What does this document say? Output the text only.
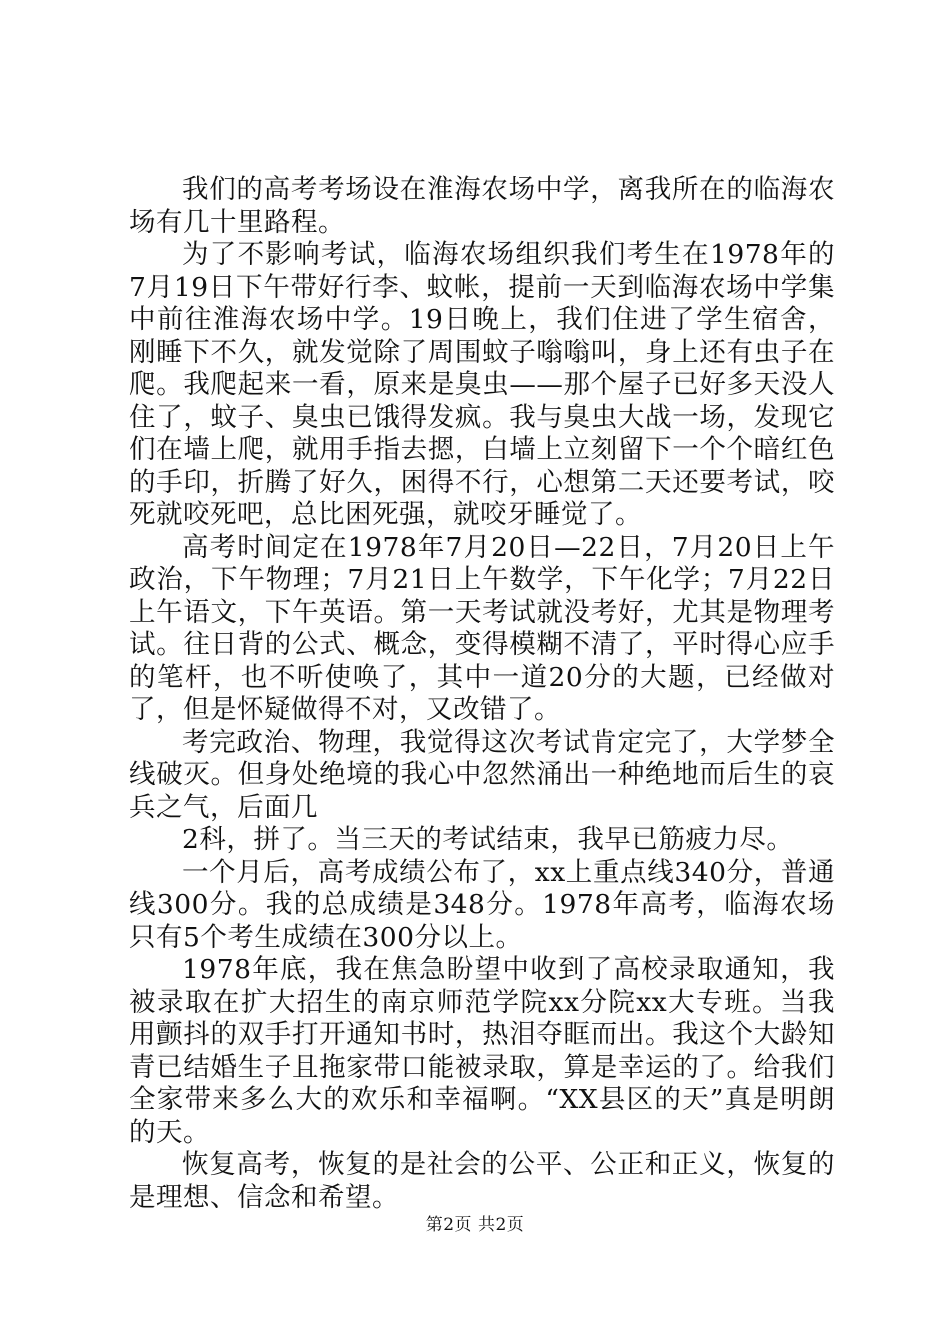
我们的高考考场设在淮海农场中学，离我所在的临海农场有几十里路程。

为了不影响考试，临海农场组织我们考生在1978年的7月19日下午带好行李、蚊帐，提前一天到临海农场中学集中前往淮海农场中学。19日晚上，我们住进了学生宿舍，刚睡下不久，就发觉除了周围蚊子嗡嗡叫，身上还有虫子在爬。我爬起来一看，原来是臭虫——那个屋子已好多天没人住了，蚊子、臭虫已饿得发疯。我与臭虫大战一场，发现它们在墙上爬，就用手指去摁，白墙上立刻留下一个个暗红色的手印，折腾了好久，困得不行，心想第二天还要考试，咬死就咬死吧，总比困死强，就咬牙睡觉了。

高考时间定在1978年7月20日—22日，7月20日上午政治，下午物理；7月21日上午数学，下午化学；7月22日上午语文，下午英语。第一天考试就没考好，尤其是物理考试。往日背的公式、概念，变得模糊不清了，平时得心应手的笔杆，也不听使唤了，其中一道20分的大题，已经做对了，但是怀疑做得不对，又改错了。

考完政治、物理，我觉得这次考试肯定完了，大学梦全线破灭。但身处绝境的我心中忽然涌出一种绝地而后生的哀兵之气，后面几

2科，拼了。当三天的考试结束，我早已筋疲力尽。

一个月后，高考成绩公布了，xx上重点线340分，普通线300分。我的总成绩是348分。1978年高考，临海农场只有5个考生成绩在300分以上。

1978年底，我在焦急盼望中收到了高校录取通知，我被录取在扩大招生的南京师范学院xx分院xx大专班。当我用颤抖的双手打开通知书时，热泪夺眶而出。我这个大龄知青已结婚生子且拖家带口能被录取，算是幸运的了。给我们全家带来多么大的欢乐和幸福啊。“XX县区的天”真是明朗的天。

恢复高考，恢复的是社会的公平、公正和正义，恢复的是理想、信念和希望。

第2页 共2页
